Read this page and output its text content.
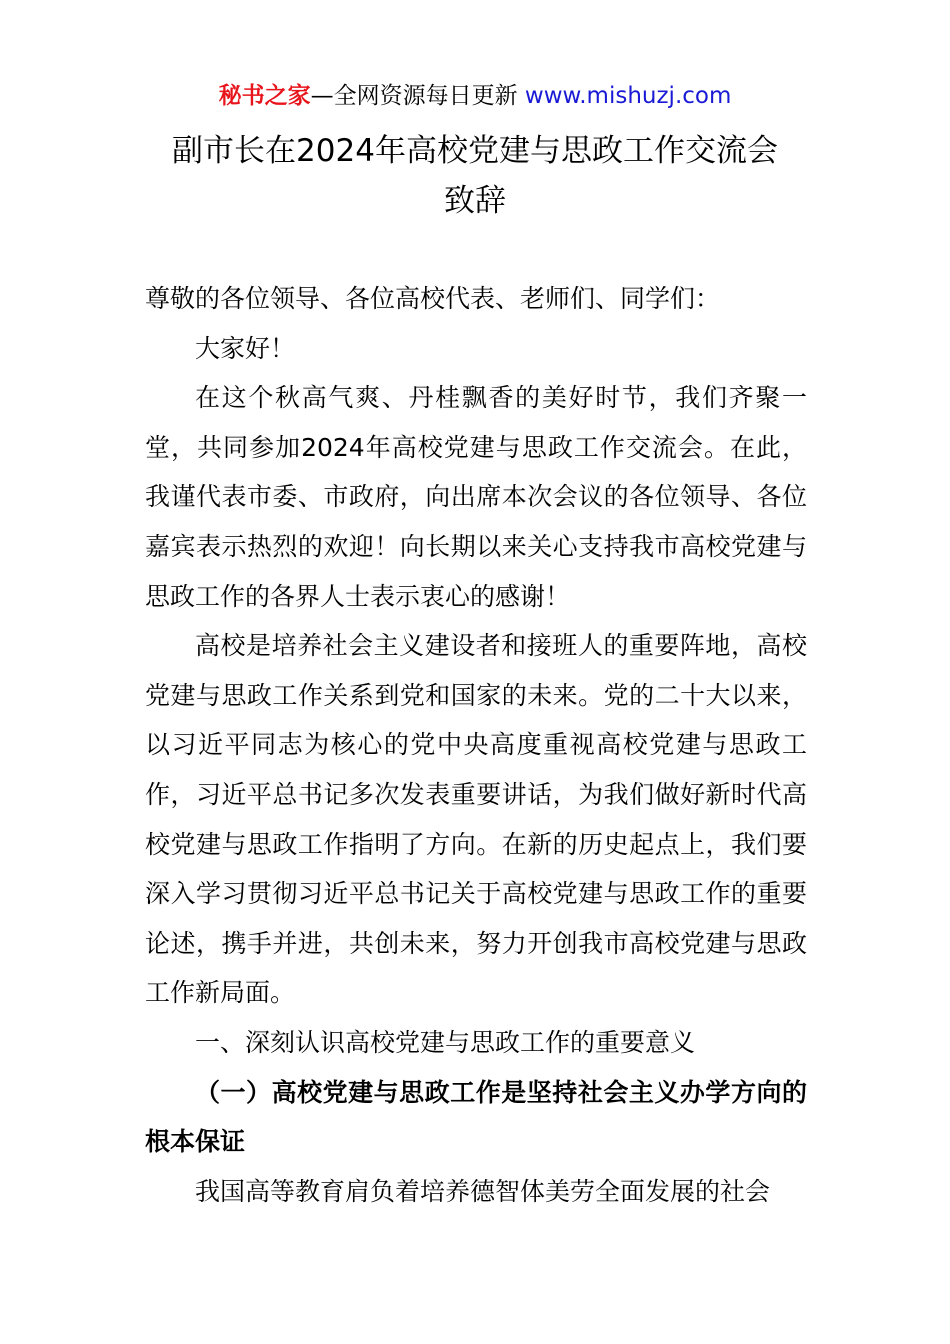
秘书之家—全网资源每日更新 www.mishuzj.com
副市长在2024年高校党建与思政工作交流会
致辞

尊敬的各位领导、各位高校代表、老师们、同学们：

大家好！

在这个秋高气爽、丹桂飘香的美好时节，我们齐聚一堂，共同参加2024年高校党建与思政工作交流会。在此，我谨代表市委、市政府，向出席本次会议的各位领导、各位嘉宾表示热烈的欢迎！向长期以来关心支持我市高校党建与思政工作的各界人士表示衷心的感谢！

高校是培养社会主义建设者和接班人的重要阵地，高校党建与思政工作关系到党和国家的未来。党的二十大以来，以习近平同志为核心的党中央高度重视高校党建与思政工作，习近平总书记多次发表重要讲话，为我们做好新时代高校党建与思政工作指明了方向。在新的历史起点上，我们要深入学习贯彻习近平总书记关于高校党建与思政工作的重要论述，携手并进，共创未来，努力开创我市高校党建与思政工作新局面。

一、深刻认识高校党建与思政工作的重要意义

（一）高校党建与思政工作是坚持社会主义办学方向的根本保证

我国高等教育肩负着培养德智体美劳全面发展的社会
